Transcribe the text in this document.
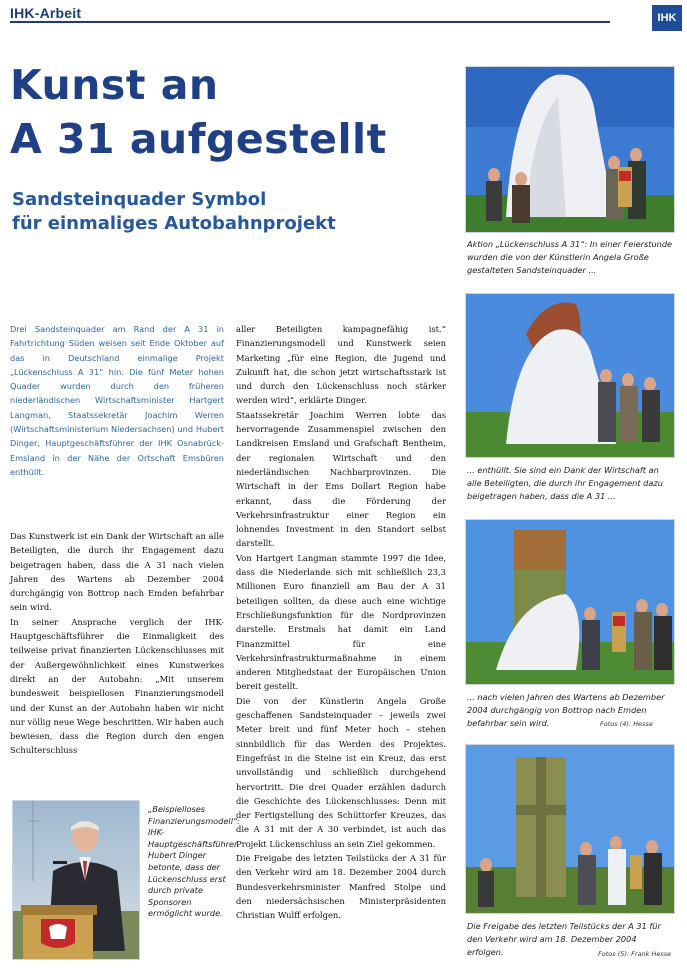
IHK-Arbeit	IHK
Kunst an
A 31 aufgestellt
Sandsteinquader Symbol
für einmaliges Autobahnprojekt
Drei Sandsteinquader am Rand der A 31 in Fahrtrichtung Süden weisen seit Ende Oktober auf das in Deutschland einmalige Projekt „Lückenschluss A 31“ hin. Die fünf Meter hohen Quader wurden durch den früheren niederländischen Wirtschaftsminister Hartgert Langman, Staatssekretär Joachim Werren (Wirtschaftsministerium Niedersachsen) und Hubert Dinger, Hauptgeschäftsführer der IHK Osnabrück-Emsland in der Nähe der Ortschaft Emsbüren enthüllt.
Das Kunstwerk ist ein Dank der Wirtschaft an alle Beteiligten, die durch ihr Engagement dazu beigetragen haben, dass die A 31 nach vielen Jahren des Wartens ab Dezember 2004 durchgängig von Bottrop nach Emden befahrbar sein wird.
In seiner Ansprache verglich der IHK-Hauptgeschäftsführer die Einmaligkeit des teilweise privat finanzierten Lückenschlusses mit der Außergewöhnlichkeit eines Kunstwerkes direkt an der Autobahn: „Mit unserem bundesweit beispiellosen Finanzierungsmodell und der Kunst an der Autobahn haben wir nicht nur völlig neue Wege beschritten. Wir haben auch bewiesen, dass die Region durch den engen Schulterschluss
aller Beteiligten kampagnefähig ist.“ Finanzierungsmodell und Kunstwerk seien Marketing „für eine Region, die Jugend und Zukunft hat, die schon jetzt wirtschaftsstark ist und durch den Lückenschluss noch stärker werden wird“, erklärte Dinger.
Staatssekretär Joachim Werren lobte das hervorragende Zusammenspiel zwischen den Landkreisen Emsland und Grafschaft Bentheim, der regionalen Wirtschaft und den niederländischen Nachbarprovinzen. Die Wirtschaft in der Ems Dollart Region habe erkannt, dass die Förderung der Verkehrsinfrastruktur einer Region ein lohnendes Investment in den Standort selbst darstellt.
Von Hartgert Langman stammte 1997 die Idee, dass die Niederlande sich mit schließlich 23,3 Millionen Euro finanziell am Bau der A 31 beteiligen sollten, da diese auch eine wichtige Erschließungsfunktion für die Nordprovinzen darstelle. Erstmals hat damit ein Land Finanzmittel für eine Verkehrsinfrastrukturmaßnahme in einem anderen Mitgliedstaat der Europäischen Union bereit gestellt.
Die von der Künstlerin Angela Große geschaffenen Sandsteinquader – jeweils zwei Meter breit und fünf Meter hoch – stehen sinnbildlich für das Werden des Projektes. Eingefräst in die Steine ist ein Kreuz, das erst unvollständig und schließlich durchgehend hervortritt. Die drei Quader erzählen dadurch die Geschichte des Lückenschlusses: Denn mit der Fertigstellung des Schüttorfer Kreuzes, das die A 31 mit der A 30 verbindet, ist auch das Projekt Lückenschluss an sein Ziel gekommen.
Die Freigabe des letzten Teilstücks der A 31 für den Verkehr wird am 18. Dezember 2004 durch Bundesverkehrsminister Manfred Stolpe und den niedersächsischen Ministerpräsidenten Christian Wulff erfolgen.
„Beispielloses Finanzierungsmodell“: IHK-Hauptgeschäftsführer Hubert Dinger betonte, dass der Lückenschluss erst durch private Sponsoren ermöglicht wurde.
Aktion „Lückenschluss A 31“: In einer Feierstunde wurden die von der Künstlerin Angela Große gestalteten Sandsteinquader ...
... enthüllt. Sie sind ein Dank der Wirtschaft an alle Beteiligten, die durch ihr Engagement dazu beigetragen haben, dass die A 31 ...
... nach vielen Jahren des Wartens ab Dezember 2004 durchgängig von Bottrop nach Emden befahrbar sein wird.	Fotos (4): Hesse
Die Freigabe des letzten Teilstücks der A 31 für den Verkehr wird am 18. Dezember 2004 erfolgen.	Fotos (5): Frank Hesse
